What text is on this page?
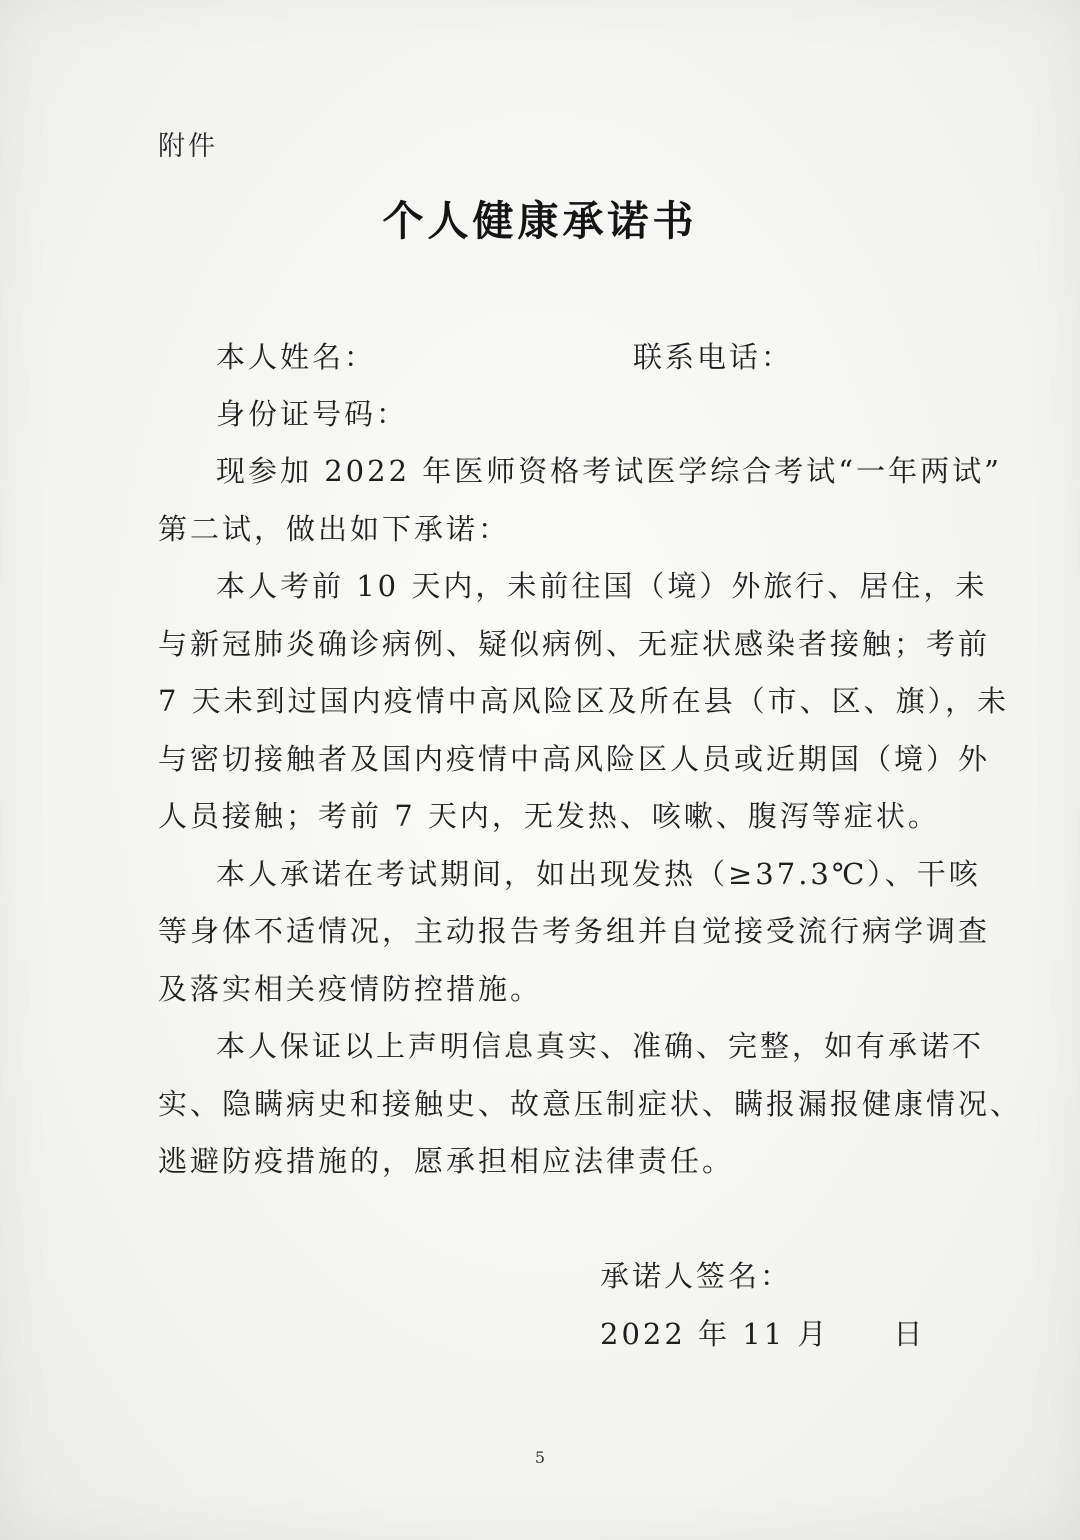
附件
个人健康承诺书
本人姓名：	联系电话：
身份证号码：
现参加 2022 年医师资格考试医学综合考试“一年两试”
第二试，做出如下承诺：
本人考前 10 天内，未前往国（境）外旅行、居住，未
与新冠肺炎确诊病例、疑似病例、无症状感染者接触；考前
7 天未到过国内疫情中高风险区及所在县（市、区、旗），未
与密切接触者及国内疫情中高风险区人员或近期国（境）外
人员接触；考前 7 天内，无发热、咳嗽、腹泻等症状。
本人承诺在考试期间，如出现发热（≥37.3℃）、干咳
等身体不适情况，主动报告考务组并自觉接受流行病学调查
及落实相关疫情防控措施。
本人保证以上声明信息真实、准确、完整，如有承诺不
实、隐瞒病史和接触史、故意压制症状、瞒报漏报健康情况、
逃避防疫措施的，愿承担相应法律责任。
承诺人签名：
2022 年 11 月　　日
5
